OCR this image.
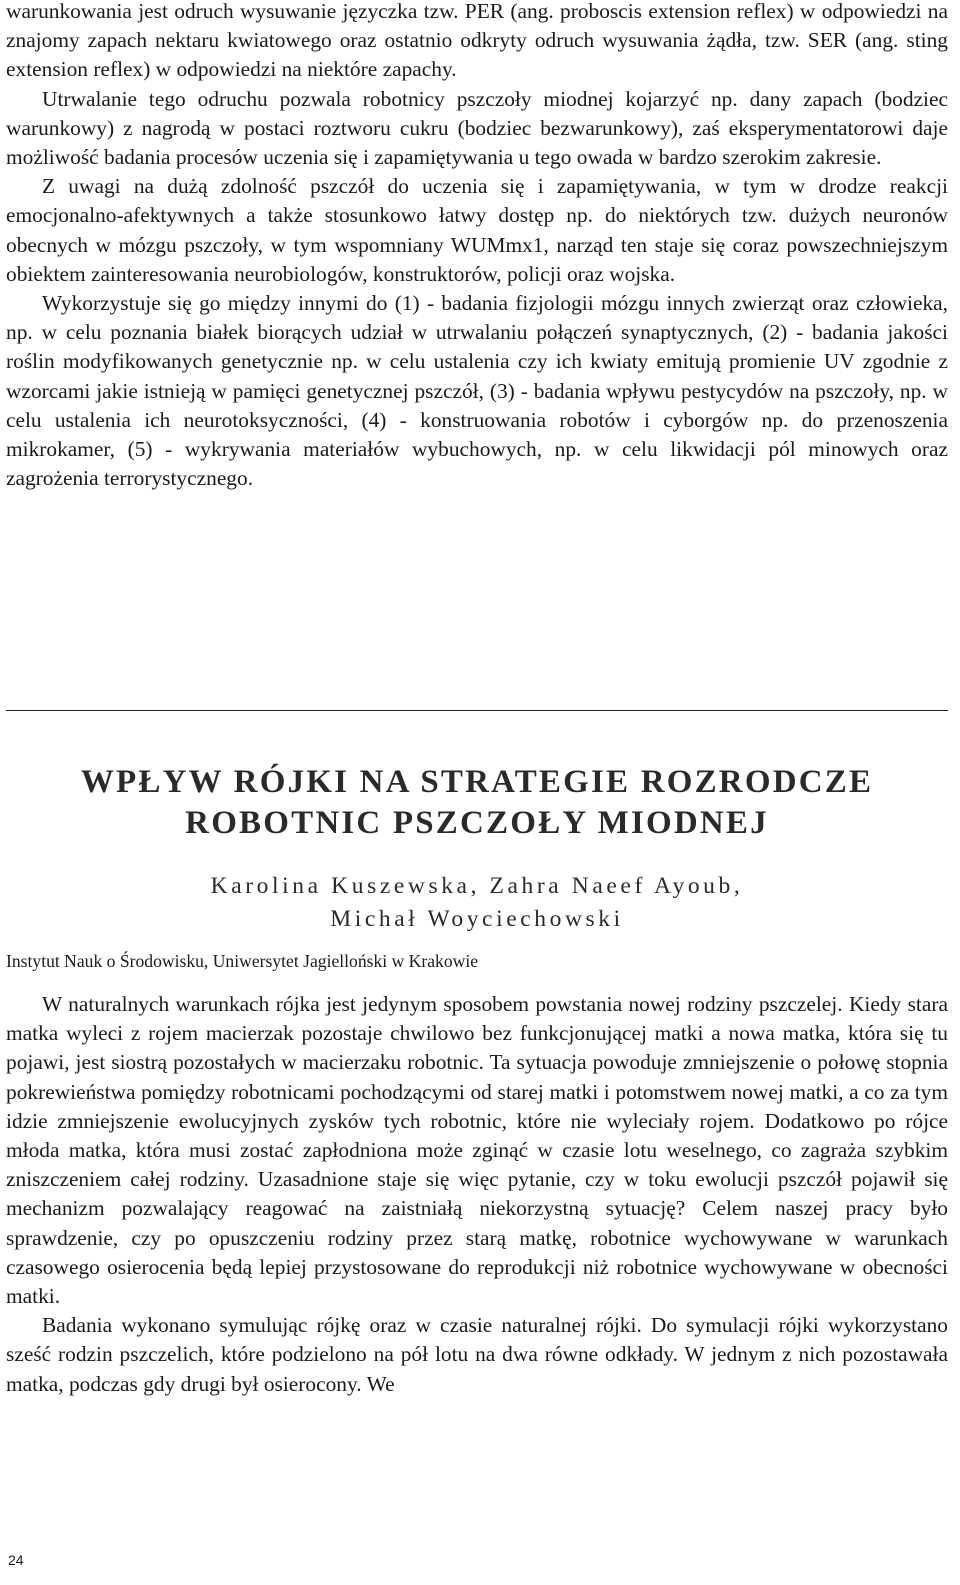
warunkowania jest odruch wysuwanie języczka tzw. PER (ang. proboscis extension reflex) w odpowiedzi na znajomy zapach nektaru kwiatowego oraz ostatnio odkryty odruch wysuwania żądła, tzw. SER (ang. sting extension reflex) w odpowiedzi na niektóre zapachy.

Utrwalanie tego odruchu pozwala robotnicy pszczoły miodnej kojarzyć np. dany zapach (bodziec warunkowy) z nagrodą w postaci roztworu cukru (bodziec bezwarunkowy), zaś eksperymentatorowi daje możliwość badania procesów uczenia się i zapamiętywania u tego owada w bardzo szerokim zakresie.

Z uwagi na dużą zdolność pszczół do uczenia się i zapamiętywania, w tym w drodze reakcji emocjonalno-afektywnych a także stosunkowo łatwy dostęp np. do niektórych tzw. dużych neuronów obecnych w mózgu pszczoły, w tym wspomniany WUMmx1, narząd ten staje się coraz powszechniejszym obiektem zainteresowania neurobiologów, konstruktorów, policji oraz wojska.

Wykorzystuje się go między innymi do (1) - badania fizjologii mózgu innych zwierząt oraz człowieka, np. w celu poznania białek biorących udział w utrwalaniu połączeń synaptycznych, (2) - badania jakości roślin modyfikowanych genetycznie np. w celu ustalenia czy ich kwiaty emitują promienie UV zgodnie z wzorcami jakie istnieją w pamięci genetycznej pszczół, (3) - badania wpływu pestycydów na pszczoły, np. w celu ustalenia ich neurotoksyczności, (4) - konstruowania robotów i cyborgów np. do przenoszenia mikrokamer, (5) - wykrywania materiałów wybuchowych, np. w celu likwidacji pól minowych oraz zagrożenia terrorystycznego.

WPŁYW RÓJKI NA STRATEGIE ROZRODCZE
ROBOTNIC PSZCZOŁY MIODNEJ
Karolina Kuszewska, Zahra Naeef Ayoub,
Michał Woyciechowski
Instytut Nauk o Środowisku, Uniwersytet Jagielloński w Krakowie

W naturalnych warunkach rójka jest jedynym sposobem powstania nowej rodziny pszczelej. Kiedy stara matka wyleci z rojem macierzak pozostaje chwilowo bez funkcjonującej matki a nowa matka, która się tu pojawi, jest siostrą pozostałych w macierzaku robotnic. Ta sytuacja powoduje zmniejszenie o połowę stopnia pokrewieństwa pomiędzy robotnicami pochodzącymi od starej matki i potomstwem nowej matki, a co za tym idzie zmniejszenie ewolucyjnych zysków tych robotnic, które nie wyleciały rojem. Dodatkowo po rójce młoda matka, która musi zostać zapłodniona może zginąć w czasie lotu weselnego, co zagraża szybkim zniszczeniem całej rodziny. Uzasadnione staje się więc pytanie, czy w toku ewolucji pszczół pojawił się mechanizm pozwalający reagować na zaistniałą niekorzystną sytuację? Celem naszej pracy było sprawdzenie, czy po opuszczeniu rodziny przez starą matkę, robotnice wychowywane w warunkach czasowego osierocenia będą lepiej przystosowane do reprodukcji niż robotnice wychowywane w obecności matki.

Badania wykonano symulując rójkę oraz w czasie naturalnej rójki. Do symulacji rójki wykorzystano sześć rodzin pszczelich, które podzielono na pół lotu na dwa równe odkłady. W jednym z nich pozostawała matka, podczas gdy drugi był osierocony. We

24
